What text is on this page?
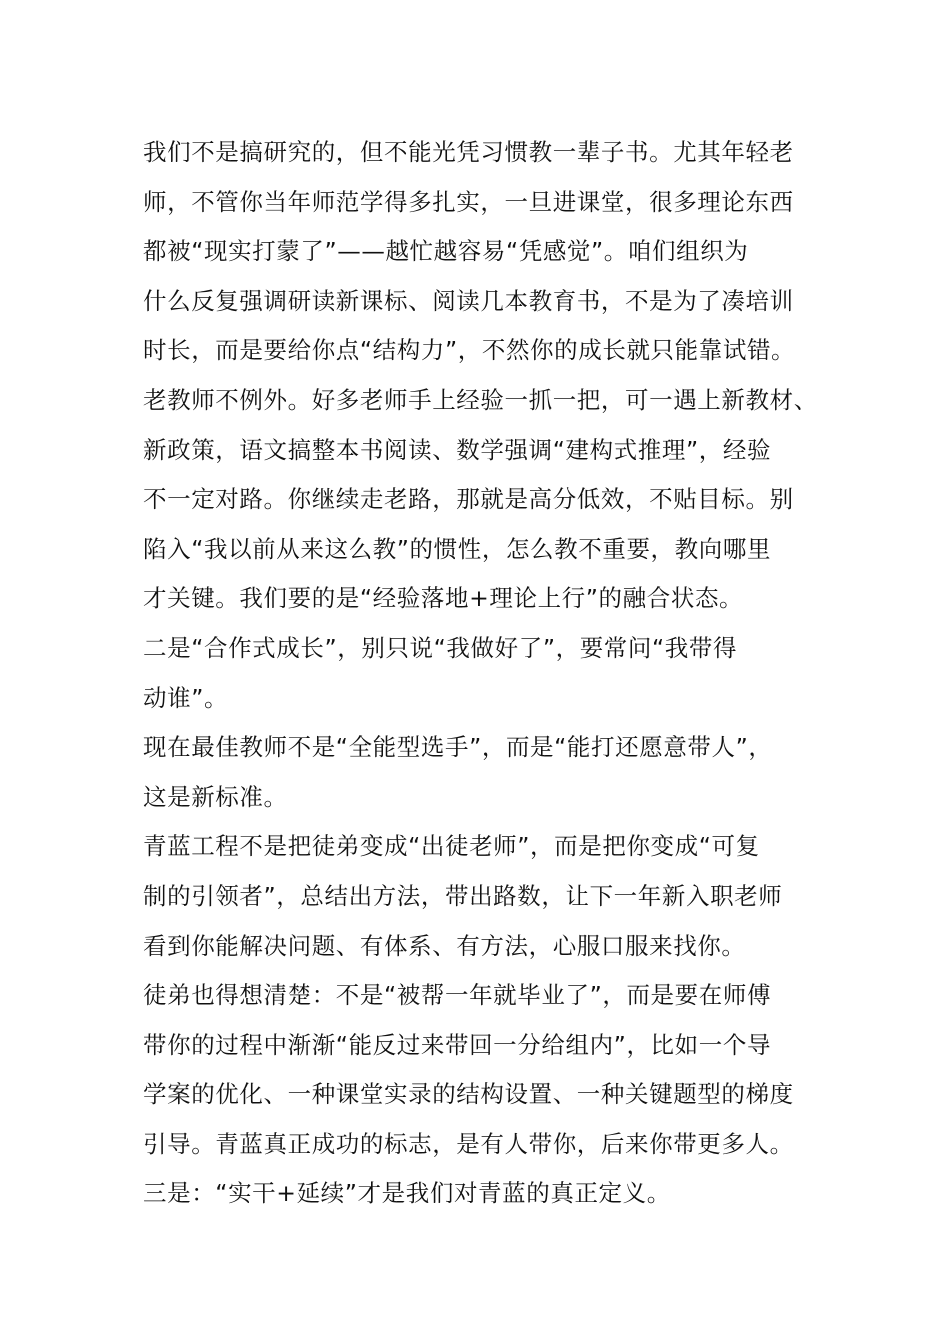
我们不是搞研究的，但不能光凭习惯教一辈子书。尤其年轻老
师，不管你当年师范学得多扎实，一旦进课堂，很多理论东西
都被“现实打蒙了”——越忙越容易“凭感觉”。咱们组织为
什么反复强调研读新课标、阅读几本教育书，不是为了凑培训
时长，而是要给你点“结构力”，不然你的成长就只能靠试错。
老教师不例外。好多老师手上经验一抓一把，可一遇上新教材、
新政策，语文搞整本书阅读、数学强调“建构式推理”，经验
不一定对路。你继续走老路，那就是高分低效，不贴目标。别
陷入“我以前从来这么教”的惯性，怎么教不重要，教向哪里
才关键。我们要的是“经验落地+理论上行”的融合状态。
二是“合作式成长”，别只说“我做好了”，要常问“我带得
动谁”。
现在最佳教师不是“全能型选手”，而是“能打还愿意带人”，
这是新标准。
青蓝工程不是把徒弟变成“出徒老师”，而是把你变成“可复
制的引领者”，总结出方法，带出路数，让下一年新入职老师
看到你能解决问题、有体系、有方法，心服口服来找你。
徒弟也得想清楚：不是“被帮一年就毕业了”，而是要在师傅
带你的过程中渐渐“能反过来带回一分给组内”，比如一个导
学案的优化、一种课堂实录的结构设置、一种关键题型的梯度
引导。青蓝真正成功的标志，是有人带你，后来你带更多人。
三是：“实干+延续”才是我们对青蓝的真正定义。
